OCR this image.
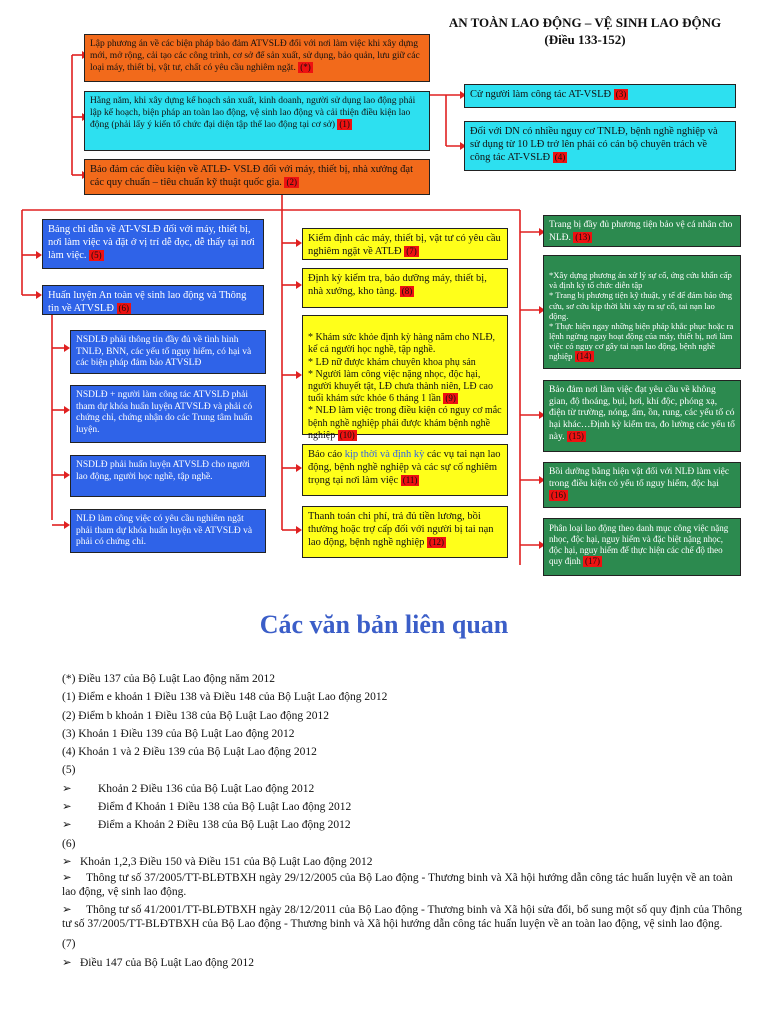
AN TOÀN LAO ĐỘNG – VỆ SINH LAO ĐỘNG
(Điều 133-152)
Lập phương án về các biện pháp bảo đảm ATVSLĐ đối với nơi làm việc khi xây dựng mới, mở rộng, cải tạo các công trình, cơ sở để sản xuất, sử dụng, bảo quản, lưu giữ các loại máy, thiết bị, vật tư, chất có yêu cầu nghiêm ngặt. (*)
Hằng năm, khi xây dựng kế hoạch sản xuất, kinh doanh, người sử dụng lao động phải lập kế hoạch, biện pháp an toàn lao động, vệ sinh lao động và cải thiện điều kiện lao động (phải lấy ý kiến tổ chức đại diện tập thể lao động tại cơ sở) (1)
Bảo đảm các điều kiện về ATLĐ- VSLĐ đối với máy, thiết bị, nhà xưởng đạt các quy chuẩn – tiêu chuẩn kỹ thuật quốc gia. (2)
Cử người làm công tác AT-VSLĐ (3)
Đối với DN có nhiều nguy cơ TNLĐ, bệnh nghề nghiệp và sử dụng từ 10 LĐ trở lên phải có cán bộ chuyên trách về công tác AT-VSLĐ (4)
Bảng chỉ dẫn về AT-VSLĐ đối với máy, thiết bị, nơi làm việc và đặt ở vị trí dễ đọc, dễ thấy tại nơi làm việc. (5)
Huấn luyện An toàn vệ sinh lao động và Thông tin về ATVSLĐ (6)
NSDLĐ phải thông tin đầy đủ về tình hình TNLĐ, BNN, các yếu tố nguy hiểm, có hại và các biện pháp đảm bảo ATVSLĐ
NSDLĐ + người làm công tác ATVSLĐ phải tham dự khóa huấn luyện ATVSLĐ và phải có chứng chỉ, chứng nhận do các Trung tâm huấn luyện.
NSDLĐ phải huấn luyện ATVSLĐ cho người lao động, người học nghề, tập nghề.
NLĐ làm công việc có yêu cầu nghiêm ngặt phải tham dự khóa huấn luyện về ATVSLĐ và phải có chứng chỉ.
Kiểm định các máy, thiết bị, vật tư có yêu cầu nghiêm ngặt về ATLĐ (7)
Định kỳ kiểm tra, bảo dưỡng máy, thiết bị, nhà xưởng, kho tàng. (8)

* Khám sức khỏe định kỳ hàng năm cho NLĐ, kể cả người học nghề, tập nghề.
* LĐ nữ được khám chuyên khoa phụ sản
* Người làm công việc nặng nhọc, độc hại, người khuyết tật, LĐ chưa thành niên, LĐ cao tuổi khám sức khỏe 6 tháng 1 lần (9)
* NLĐ làm việc trong điều kiện có nguy cơ mắc bệnh nghề nghiệp phải được khám bệnh nghề nghiệp (10)

Báo cáo kịp thời và định kỳ các vụ tai nạn lao động, bệnh nghề nghiệp và các sự cố nghiêm trọng tại nơi làm việc (11)
Thanh toán chi phí, trả đủ tiền lương, bồi thường hoặc trợ cấp đối với người bị tai nạn lao động, bệnh nghề nghiệp (12)
Trang bị đầy đủ phương tiện bảo vệ cá nhân cho NLĐ. (13)

*Xây dựng phương án xử lý sự cố, ứng cứu khẩn cấp và định kỳ tổ chức diễn tập
* Trang bị phương tiện kỹ thuật, y tế để đảm bảo ứng cứu, sơ cứu kịp thời khi xảy ra sự cố, tai nạn lao động.
* Thực hiện ngay những biện pháp khắc phục hoặc ra lệnh ngừng ngay hoạt động của máy, thiết bị, nơi làm việc có nguy cơ gây tai nạn lao động, bệnh nghề nghiệp (14)

Bảo đảm nơi làm việc đạt yêu cầu về không gian, độ thoáng, bụi, hơi, khí độc, phóng xạ, điện từ trường, nóng, ẩm, ồn, rung, các yếu tố có hại khác…Định kỳ kiểm tra, đo lường các yếu tố này. (15)
Bồi dưỡng bằng hiện vật đối với NLĐ làm việc trong điều kiện có yếu tố nguy hiểm, độc hại (16)
Phân loại lao động theo danh mục công việc nặng nhọc, độc hại, nguy hiểm và đặc biệt nặng nhọc, độc hại, nguy hiểm để thực hiện các chế độ theo quy định (17)
Các văn bản liên quan
(*) Điều 137 của Bộ Luật Lao động năm 2012
(1) Điểm e khoản 1 Điều 138 và Điều 148 của Bộ Luật Lao động 2012
(2) Điểm b khoản 1 Điều 138 của Bộ Luật Lao động 2012
(3) Khoản 1 Điều 139 của Bộ Luật Lao động 2012
(4) Khoản 1 và 2 Điều 139 của Bộ Luật Lao động 2012
(5)
➢ Khoản 2 Điều 136 của Bộ Luật Lao động 2012
➢ Điểm đ Khoản 1 Điều 138 của Bộ Luật Lao động 2012
➢ Điểm a Khoản 2 Điều 138 của Bộ Luật Lao động 2012
(6)
➢ Khoản 1,2,3 Điều 150 và Điều 151 của Bộ Luật Lao động 2012
➢ Thông tư số 37/2005/TT-BLĐTBXH ngày 29/12/2005 của Bộ Lao động - Thương binh và Xã hội hướng dẫn công tác huấn luyện về an toàn lao động, vệ sinh lao động.
➢ Thông tư số 41/2001/TT-BLĐTBXH ngày 28/12/2011 của Bộ Lao động - Thương binh và Xã hội sửa đổi, bổ sung một số quy định của Thông tư số 37/2005/TT-BLĐTBXH của Bộ Lao động - Thương binh và Xã hội hướng dẫn công tác huấn luyện về an toàn lao động, vệ sinh lao động.
(7)
➢ Điều 147 của Bộ Luật Lao động 2012
